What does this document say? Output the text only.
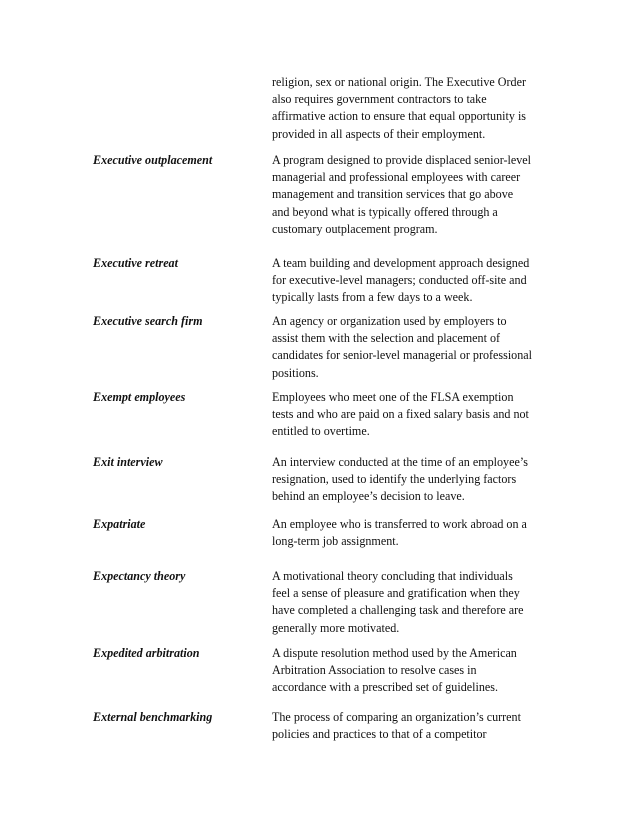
religion, sex or national origin. The Executive Order
also requires government contractors to take
affirmative action to ensure that equal opportunity is
provided in all aspects of their employment.
Executive outplacement	A program designed to provide displaced senior-level
managerial and professional employees with career
management and transition services that go above
and beyond what is typically offered through a
customary outplacement program.
Executive retreat	A team building and development approach designed
for executive-level managers; conducted off-site and
typically lasts from a few days to a week.
Executive search firm	An agency or organization used by employers to
assist them with the selection and placement of
candidates for senior-level managerial or professional
positions.
Exempt employees	Employees who meet one of the FLSA exemption
tests and who are paid on a fixed salary basis and not
entitled to overtime.
Exit interview	An interview conducted at the time of an employee’s
resignation, used to identify the underlying factors
behind an employee’s decision to leave.
Expatriate	An employee who is transferred to work abroad on a
long-term job assignment.
Expectancy theory	A motivational theory concluding that individuals
feel a sense of pleasure and gratification when they
have completed a challenging task and therefore are
generally more motivated.
Expedited arbitration	A dispute resolution method used by the American
Arbitration Association to resolve cases in
accordance with a prescribed set of guidelines.
External benchmarking	The process of comparing an organization’s current
policies and practices to that of a competitor
